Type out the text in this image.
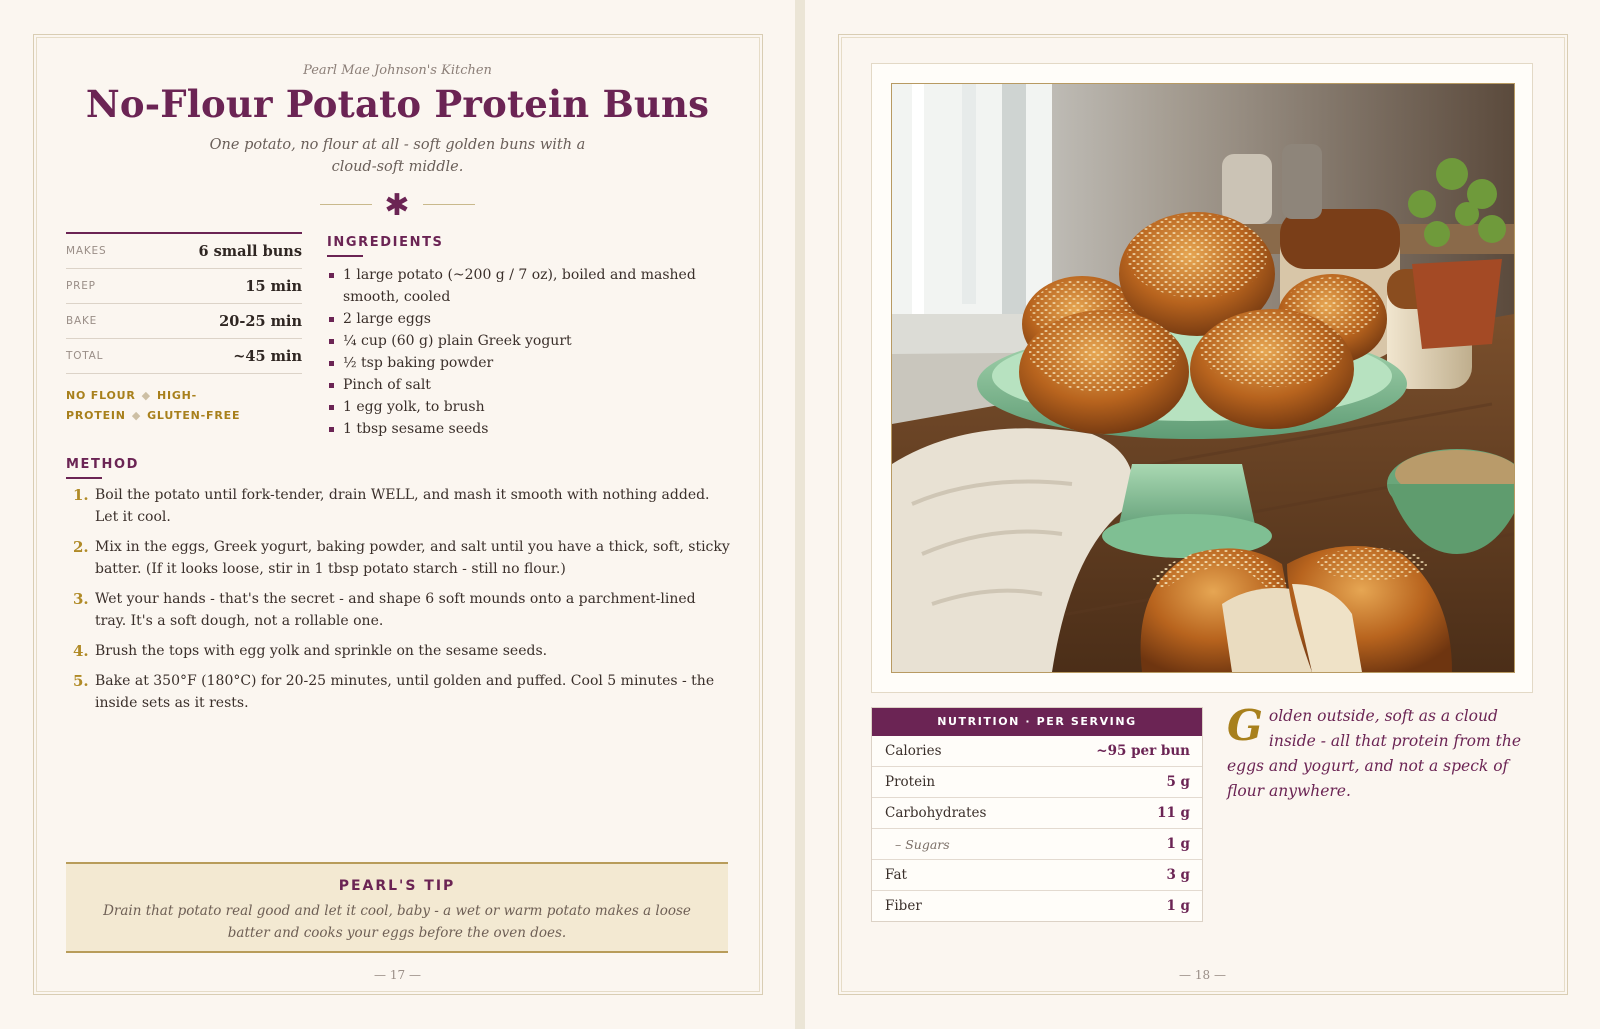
Pearl Mae Johnson's Kitchen
No-Flour Potato Protein Buns
One potato, no flour at all - soft golden buns with a cloud-soft middle.
✱
MAKES	6 small buns
PREP	15 min
BAKE	20-25 min
TOTAL	~45 min
NO FLOUR ◆ HIGH-PROTEIN ◆ GLUTEN-FREE
INGREDIENTS
1 large potato (~200 g / 7 oz), boiled and mashed smooth, cooled
2 large eggs
¼ cup (60 g) plain Greek yogurt
½ tsp baking powder
Pinch of salt
1 egg yolk, to brush
1 tbsp sesame seeds
METHOD
1. Boil the potato until fork-tender, drain WELL, and mash it smooth with nothing added. Let it cool.
2. Mix in the eggs, Greek yogurt, baking powder, and salt until you have a thick, soft, sticky batter. (If it looks loose, stir in 1 tbsp potato starch - still no flour.)
3. Wet your hands - that's the secret - and shape 6 soft mounds onto a parchment-lined tray. It's a soft dough, not a rollable one.
4. Brush the tops with egg yolk and sprinkle on the sesame seeds.
5. Bake at 350°F (180°C) for 20-25 minutes, until golden and puffed. Cool 5 minutes - the inside sets as it rests.
PEARL'S TIP
Drain that potato real good and let it cool, baby - a wet or warm potato makes a loose batter and cooks your eggs before the oven does.
— 17 —
NUTRITION · PER SERVING
Calories	~95 per bun
Protein	5 g
Carbohydrates	11 g
– Sugars	1 g
Fat	3 g
Fiber	1 g
Golden outside, soft as a cloud inside - all that protein from the eggs and yogurt, and not a speck of flour anywhere.
— 18 —
